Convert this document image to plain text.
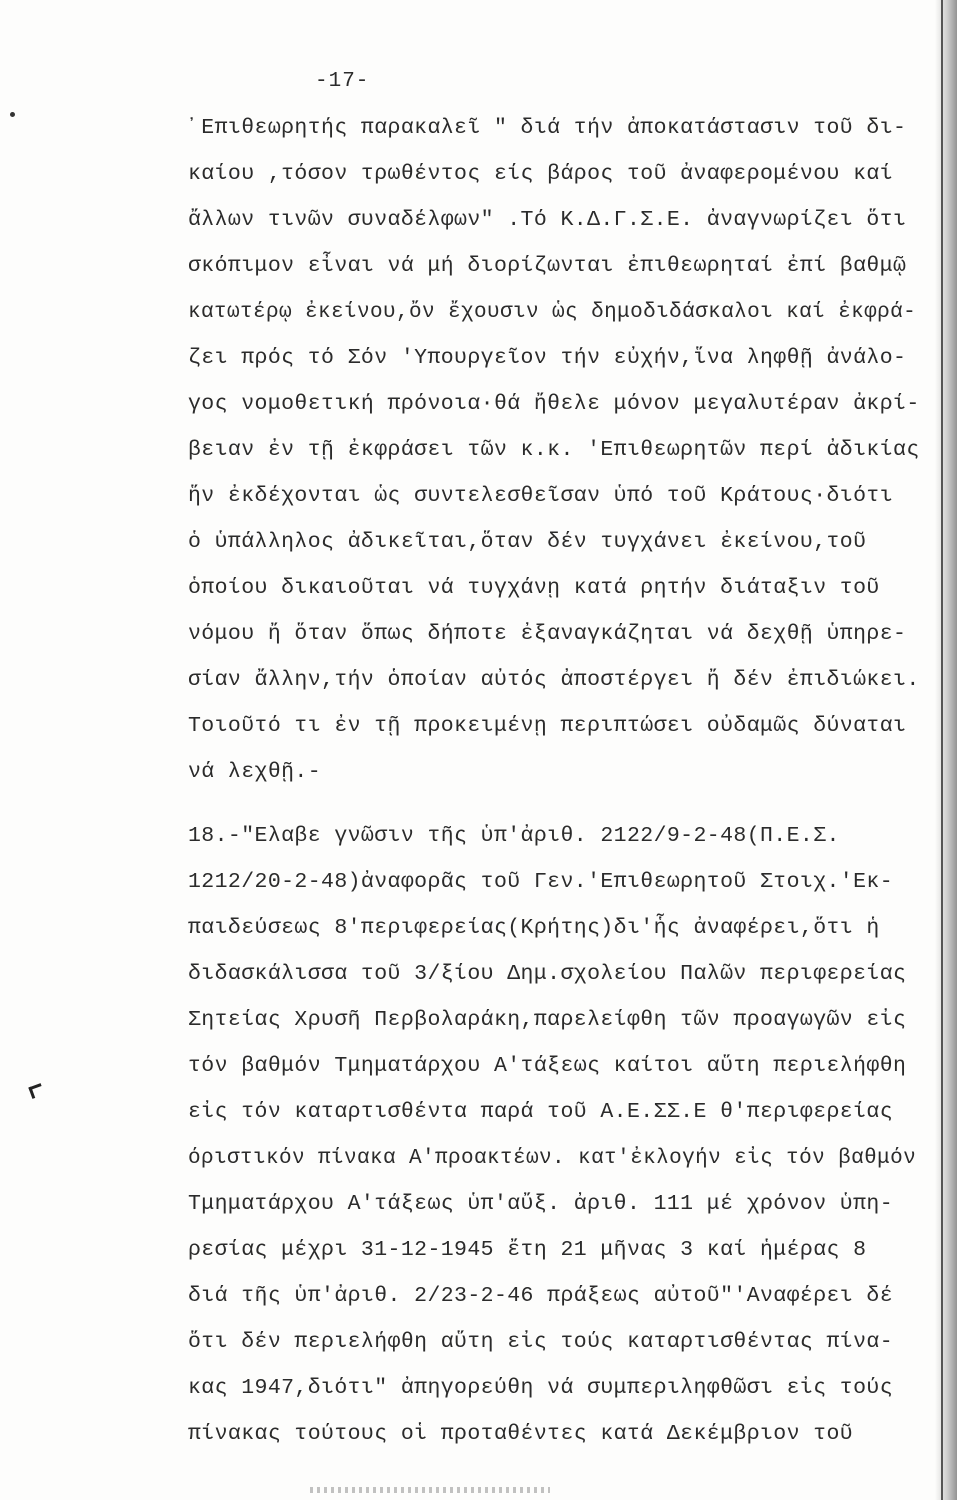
-17-
᾽Επιθεωρητής παρακαλεῖ " διά τήν ἀποκατάστασιν τοῦ δι-
καίου ,τόσον τρωθέντος είς βάρος τοῦ ἀναφερομένου καί
ἄλλων τινῶν συναδέλφων" .Τό Κ.Δ.Γ.Σ.Ε. ἀναγνωρίζει ὅτι
σκόπιμον εἶναι νά μή διορίζωνται ἐπιθεωρηταί ἐπί βαθμῷ
κατωτέρῳ ἐκείνου,ὄν ἔχουσιν ὡς δημοδιδάσκαλοι καί ἐκφρά-
ζει πρός τό Σόν 'Υπουργεῖον τήν εὐχήν,ἵνα ληφθῇ ἀνάλο-
γος νομοθετική πρόνοια·θά ἤθελε μόνον μεγαλυτέραν ἀκρί-
βειαν ἐν τῇ ἐκφράσει τῶν κ.κ. 'Επιθεωρητῶν περί ἀδικίας
ἥν ἐκδέχονται ὡς συντελεσθεῖσαν ὑπό τοῦ Κράτους·διότι
ὁ ὑπάλληλος ἀδικεῖται,ὅταν δέν τυγχάνει ἐκείνου,τοῦ
ὁποίου δικαιοῦται νά τυγχάνῃ κατά ρητήν διάταξιν τοῦ
νόμου ἤ ὅταν ὅπως δήποτε ἐξαναγκάζηται νά δεχθῇ ὑπηρε-
σίαν ἄλλην,τήν ὁποίαν αὐτός ἀποστέργει ἤ δέν ἐπιδιώκει.
Τοιοῦτό τι ἐν τῇ προκειμένῃ περιπτώσει οὐδαμῶς δύναται
νά λεχθῇ.-
18.-"Ελαβε γνῶσιν τῆς ὑπ'ἀριθ. 2122/9-2-48(Π.Ε.Σ.
1212/20-2-48)ἀναφορᾶς τοῦ Γεν.'Επιθεωρητοῦ Στοιχ.'Εκ-
παιδεύσεως 8'περιφερείας(Κρήτης)δι'ἧς ἀναφέρει,ὅτι ἡ
διδασκάλισσα τοῦ 3/ξίου Δημ.σχολείου Παλῶν περιφερείας
Σητείας Χρυσῆ Περβολαράκη,παρελείφθη τῶν προαγωγῶν εἰς
τόν βαθμόν Τμηματάρχου Α'τάξεως καίτοι αὕτη περιελήφθη
εἰς τόν καταρτισθέντα παρά τοῦ Α.Ε.ΣΣ.Ε θ'περιφερείας
όριστικόν πίνακα Α'προακτέων. κατ'ἐκλογήν εἰς τόν βαθμόν
Τμηματάρχου Α'τάξεως ὑπ'αὔξ. ἀριθ. 111 μέ χρόνον ὑπη-
ρεσίας μέχρι 31-12-1945 ἔτη 21 μῆνας 3 καί ἡμέρας 8
διά τῆς ὑπ'ἀριθ. 2/23-2-46 πράξεως αὐτοῦ"'Αναφέρει δέ
ὅτι δέν περιελήφθη αὕτη εἰς τούς καταρτισθέντας πίνα-
κας 1947,διότι" ἀπηγορεύθη νά συμπεριληφθῶσι εἰς τούς
πίνακας τούτους οἱ προταθέντες κατά Δεκέμβριον τοῦ
